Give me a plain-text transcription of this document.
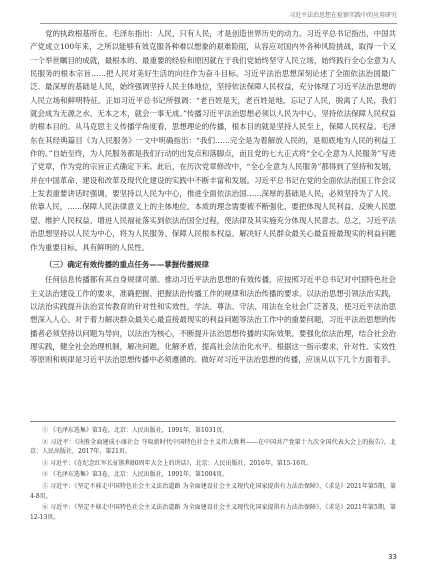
习近平法治思想在检察实践中的应用研究

党的执政根基所在。毛泽东指出：人民，只有人民，才是创造世界历史的动力。习近平总书记指出，中国共产党成立100年来，之所以能够有效克服各种难以想象的艰难险阻，从容应对国内外各种风险挑战，取得一个又一个举世瞩目的成就，最根本的、最重要的经验和原因就在于我们党始终坚守人民立场，始终践行全心全意为人民服务的根本宗旨……把人民对美好生活的向往作为奋斗目标。习近平法治思想深刻论述了全面依法治国最广泛、最深厚的基础是人民，始终强调坚持人民主体地位，坚持依法保障人民权益，充分体现了习近平法治思想的人民立场和鲜明特征。正如习近平总书记所强调：“老百姓是天，老百姓是地。忘记了人民，脱离了人民，我们就会成为无源之水、无本之木，就会一事无成。”传播习近平法治思想必须以人民为中心，坚持依法保障人民权益的根本目的。从马克思主义传播学角度看，思想理论的传播，根本目的就是坚持人民至上，保障人民权益。毛泽东在其经典篇目《为人民服务》一文中明确指出：“我们……完全是为着解放人民的，是彻底地为人民的利益工作的。”自始至终，为人民服务都是我们行动的出发点和落脚点，而且党的七大正式将“全心全意为人民服务”写进了党章，作为党的宗旨正式确定下来。此后，在历次党章修改中，“全心全意为人民服务”都得到了坚持和发展，并在中国革命、建设和改革及现代化建设的实践中不断丰富和发展。习近平总书记在党的全面依法治国工作会议上发表重要讲话时强调，要坚持以人民为中心，推进全面依法治国……深厚的基础是人民，必须坚持为了人民、依靠人民，……保障人民法律意义上的主体地位，本质的理念需要被不断强化，要把体现人民利益、反映人民愿望、维护人民权益、增进人民福祉落实到依法治国全过程，使法律及其实施充分体现人民意志。总之，习近平法治思想坚持以人民为中心，将为人民服务、保障人民根本权益、解决好人民群众最关心最直接最现实的利益问题作为重要目标，具有鲜明的人民性。

（三）确定有效传播的重点任务——掌握传播规律

任何信息传播都有其自身规律可循。推动习近平法治思想的有效传播，应按照习近平总书记对中国特色社会主义法治建设工作的要求，准确把握、把握法治传播工作的规律和法治传播的要求。以法治思想引领法治实践，以法治实践提升法治宣传教育的针对性和实效性，学法、尊法、守法、用法在全社会广泛普及，使习近平法治思想深入人心。对于着力解决群众最关心最直接最现实的利益问题等法治工作中的重要问题，习近平法治思想的传播者必须坚持以问题为导向，以法治为核心，不断提升法治思想传播的实际效果。要强化依法治理，结合社会治理实践，健全社会治理机制，解决问题，化解矛盾，提高社会法治化水平。根据这一指示要求，针对性、实效性等原则和规律是习近平法治思想传播中必须遵循的。做好对习近平法治思想的传播，应该从以下几个方面着手。

① 《毛泽东选集》第3卷，北京：人民出版社，1991年，第1031页。

② 习近平：《决胜全面建成小康社会 夺取新时代中国特色社会主义伟大胜利——在中国共产党第十九次全国代表大会上的报告》，北京：人民出版社，2017年，第21页。

③ 习近平：《在纪念红军长征胜利80周年大会上的讲话》，北京：人民出版社，2016年，第15-16页。

④ 《毛泽东选集》第3卷，北京：人民出版社，1991年，第1004页。

⑤ 习近平：《坚定不移走中国特色社会主义法治道路 为全面建设社会主义现代化国家提供有力法治保障》，《求是》2021年第5期，第4-8页。

⑥ 习近平：《坚定不移走中国特色社会主义法治道路 为全面建设社会主义现代化国家提供有力法治保障》，《求是》2021年第5期，第12-13页。

33
